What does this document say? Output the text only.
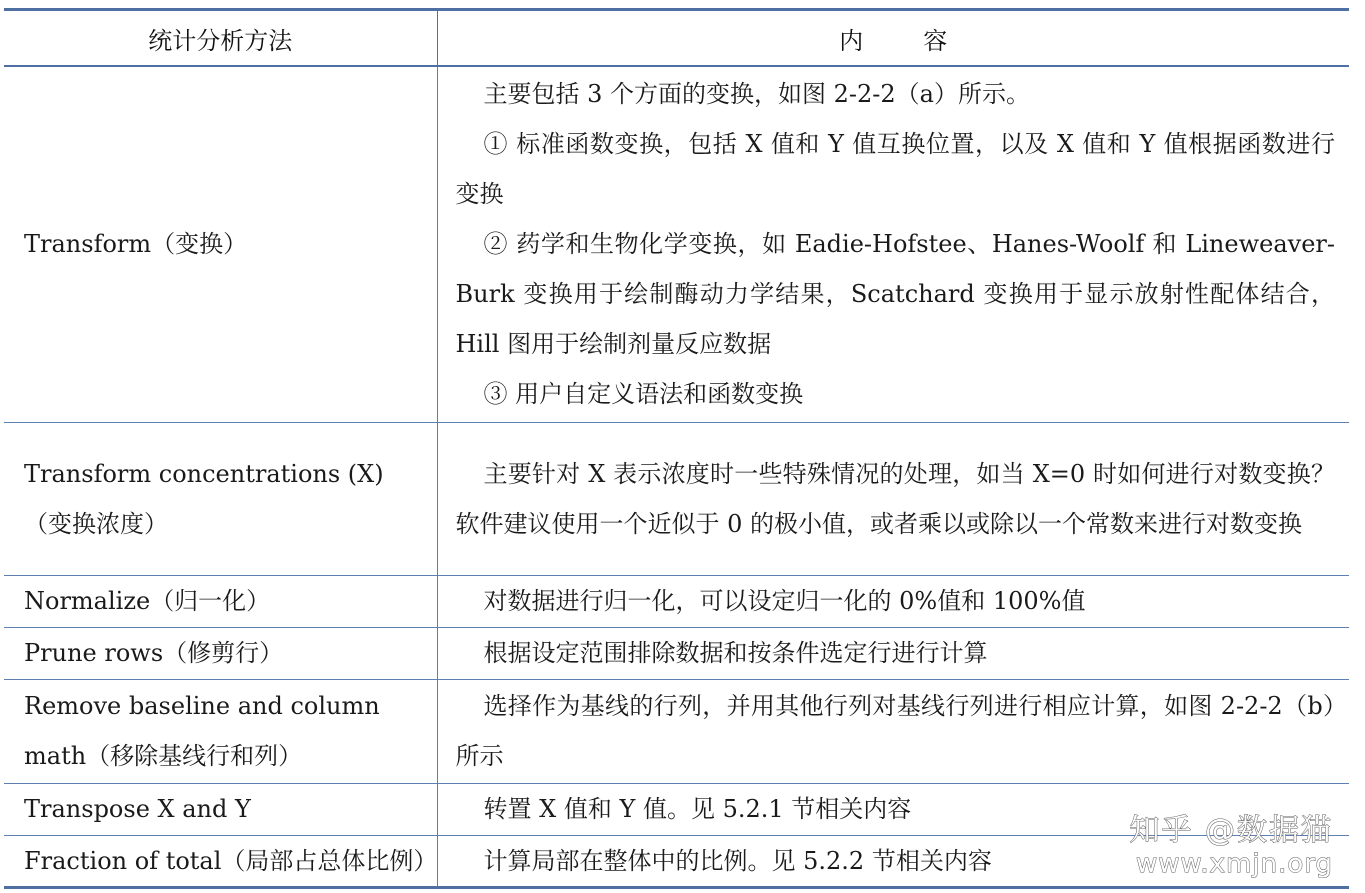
统计分析方法	内容
Transform（变换）	主要包括 3 个方面的变换，如图 2-2-2（a）所示。

① 标准函数变换，包括 X 值和 Y 值互换位置，以及 X 值和 Y 值根据函数进行变换

② 药学和生物化学变换，如 Eadie-Hofstee、Hanes-Woolf 和 Lineweaver-Burk 变换用于绘制酶动力学结果，Scatchard 变换用于显示放射性配体结合，Hill 图用于绘制剂量反应数据

③ 用户自定义语法和函数变换

Transform concentrations (X)（变换浓度）	主要针对 X 表示浓度时一些特殊情况的处理，如当 X=0 时如何进行对数变换？软件建议使用一个近似于 0 的极小值，或者乘以或除以一个常数来进行对数变换

Normalize（归一化）	对数据进行归一化，可以设定归一化的 0%值和 100%值

Prune rows（修剪行）	根据设定范围排除数据和按条件选定行进行计算

Remove baseline and column math（移除基线行和列）	选择作为基线的行列，并用其他行列对基线行列进行相应计算，如图 2-2-2（b）所示

Transpose X and Y	转置 X 值和 Y 值。见 5.2.1 节相关内容

Fraction of total（局部占总体比例）	计算局部在整体中的比例。见 5.2.2 节相关内容

知乎 @数据猫
www.xmjn.org
